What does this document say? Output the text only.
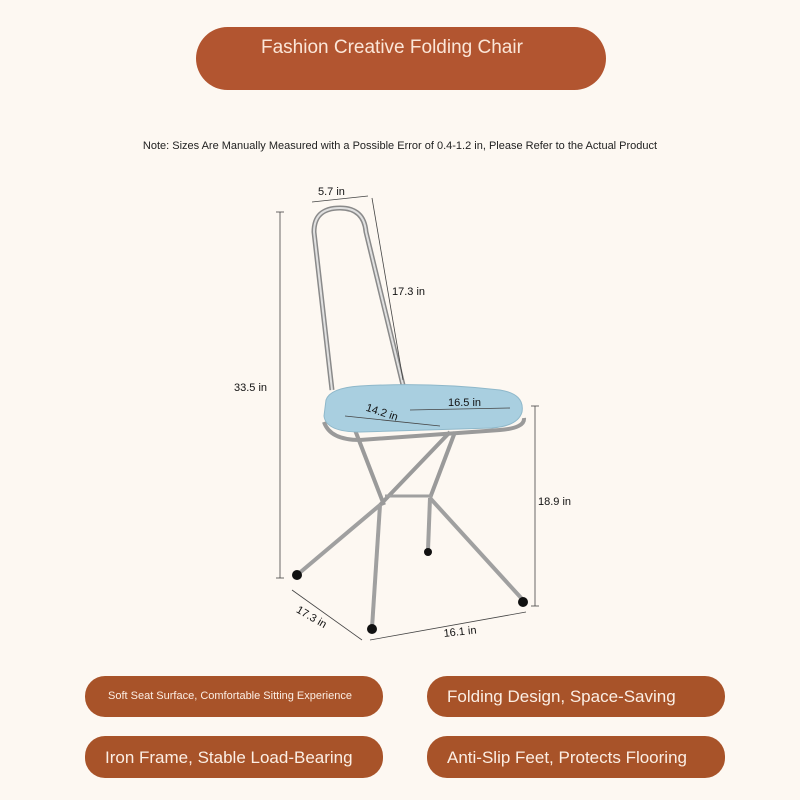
Fashion Creative Folding Chair
Note: Sizes Are Manually Measured with a Possible Error of 0.4-1.2 in, Please Refer to the Actual Product
5.7 in
17.3 in
33.5 in
14.2 in	16.5 in
18.9 in
17.3 in
16.1 in
Soft Seat Surface, Comfortable Sitting Experience	Folding Design, Space-Saving
Iron Frame, Stable Load-Bearing	Anti-Slip Feet, Protects Flooring
